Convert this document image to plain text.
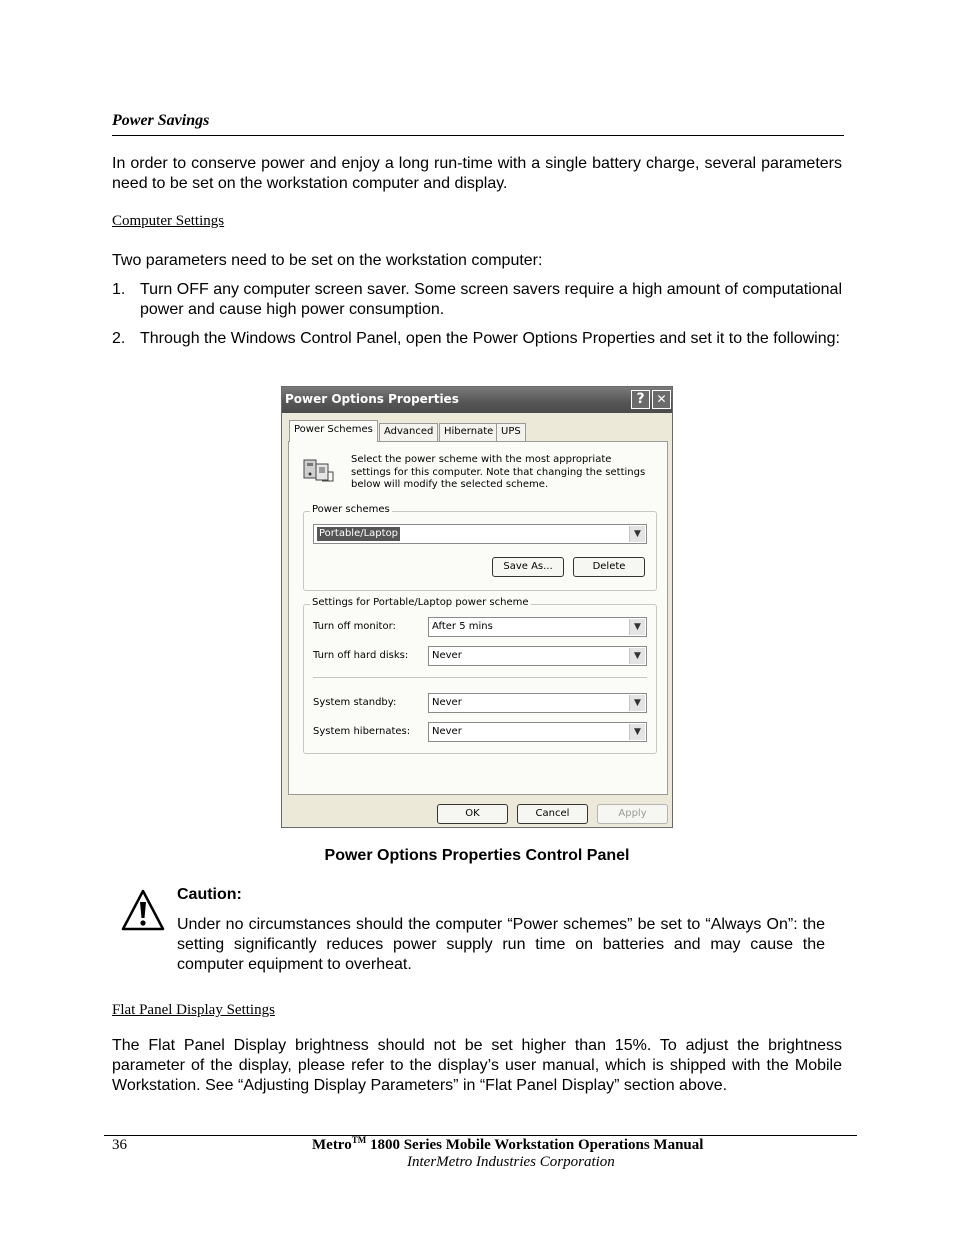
Power Savings
In order to conserve power and enjoy a long run-time with a single battery charge, several parameters need to be set on the workstation computer and display.
Computer Settings
Two parameters need to be set on the workstation computer:
1. Turn OFF any computer screen saver. Some screen savers require a high amount of computational power and cause high power consumption.
2. Through the Windows Control Panel, open the Power Options Properties and set it to the following:
Power Options Properties	? ✕
Power Schemes	Advanced	Hibernate UPS
Select the power scheme with the most appropriate settings for this computer. Note that changing the settings below will modify the selected scheme.
Power schemes
Portable/Laptop	▼
Save As...	Delete
Settings for Portable/Laptop power scheme
Turn off monitor:	After 5 mins	▼
Turn off hard disks:	Never	▼
System standby:	Never	▼
System hibernates:	Never	▼
OK	Cancel	Apply
Power Options Properties Control Panel
Caution:
Under no circumstances should the computer “Power schemes” be set to “Always On”: the setting significantly reduces power supply run time on batteries and may cause the computer equipment to overheat.
Flat Panel Display Settings
The Flat Panel Display brightness should not be set higher than 15%. To adjust the brightness parameter of the display, please refer to the display’s user manual, which is shipped with the Mobile Workstation. See “Adjusting Display Parameters” in “Flat Panel Display” section above.
36	Metro™ 1800 Series Mobile Workstation Operations Manual
InterMetro Industries Corporation
